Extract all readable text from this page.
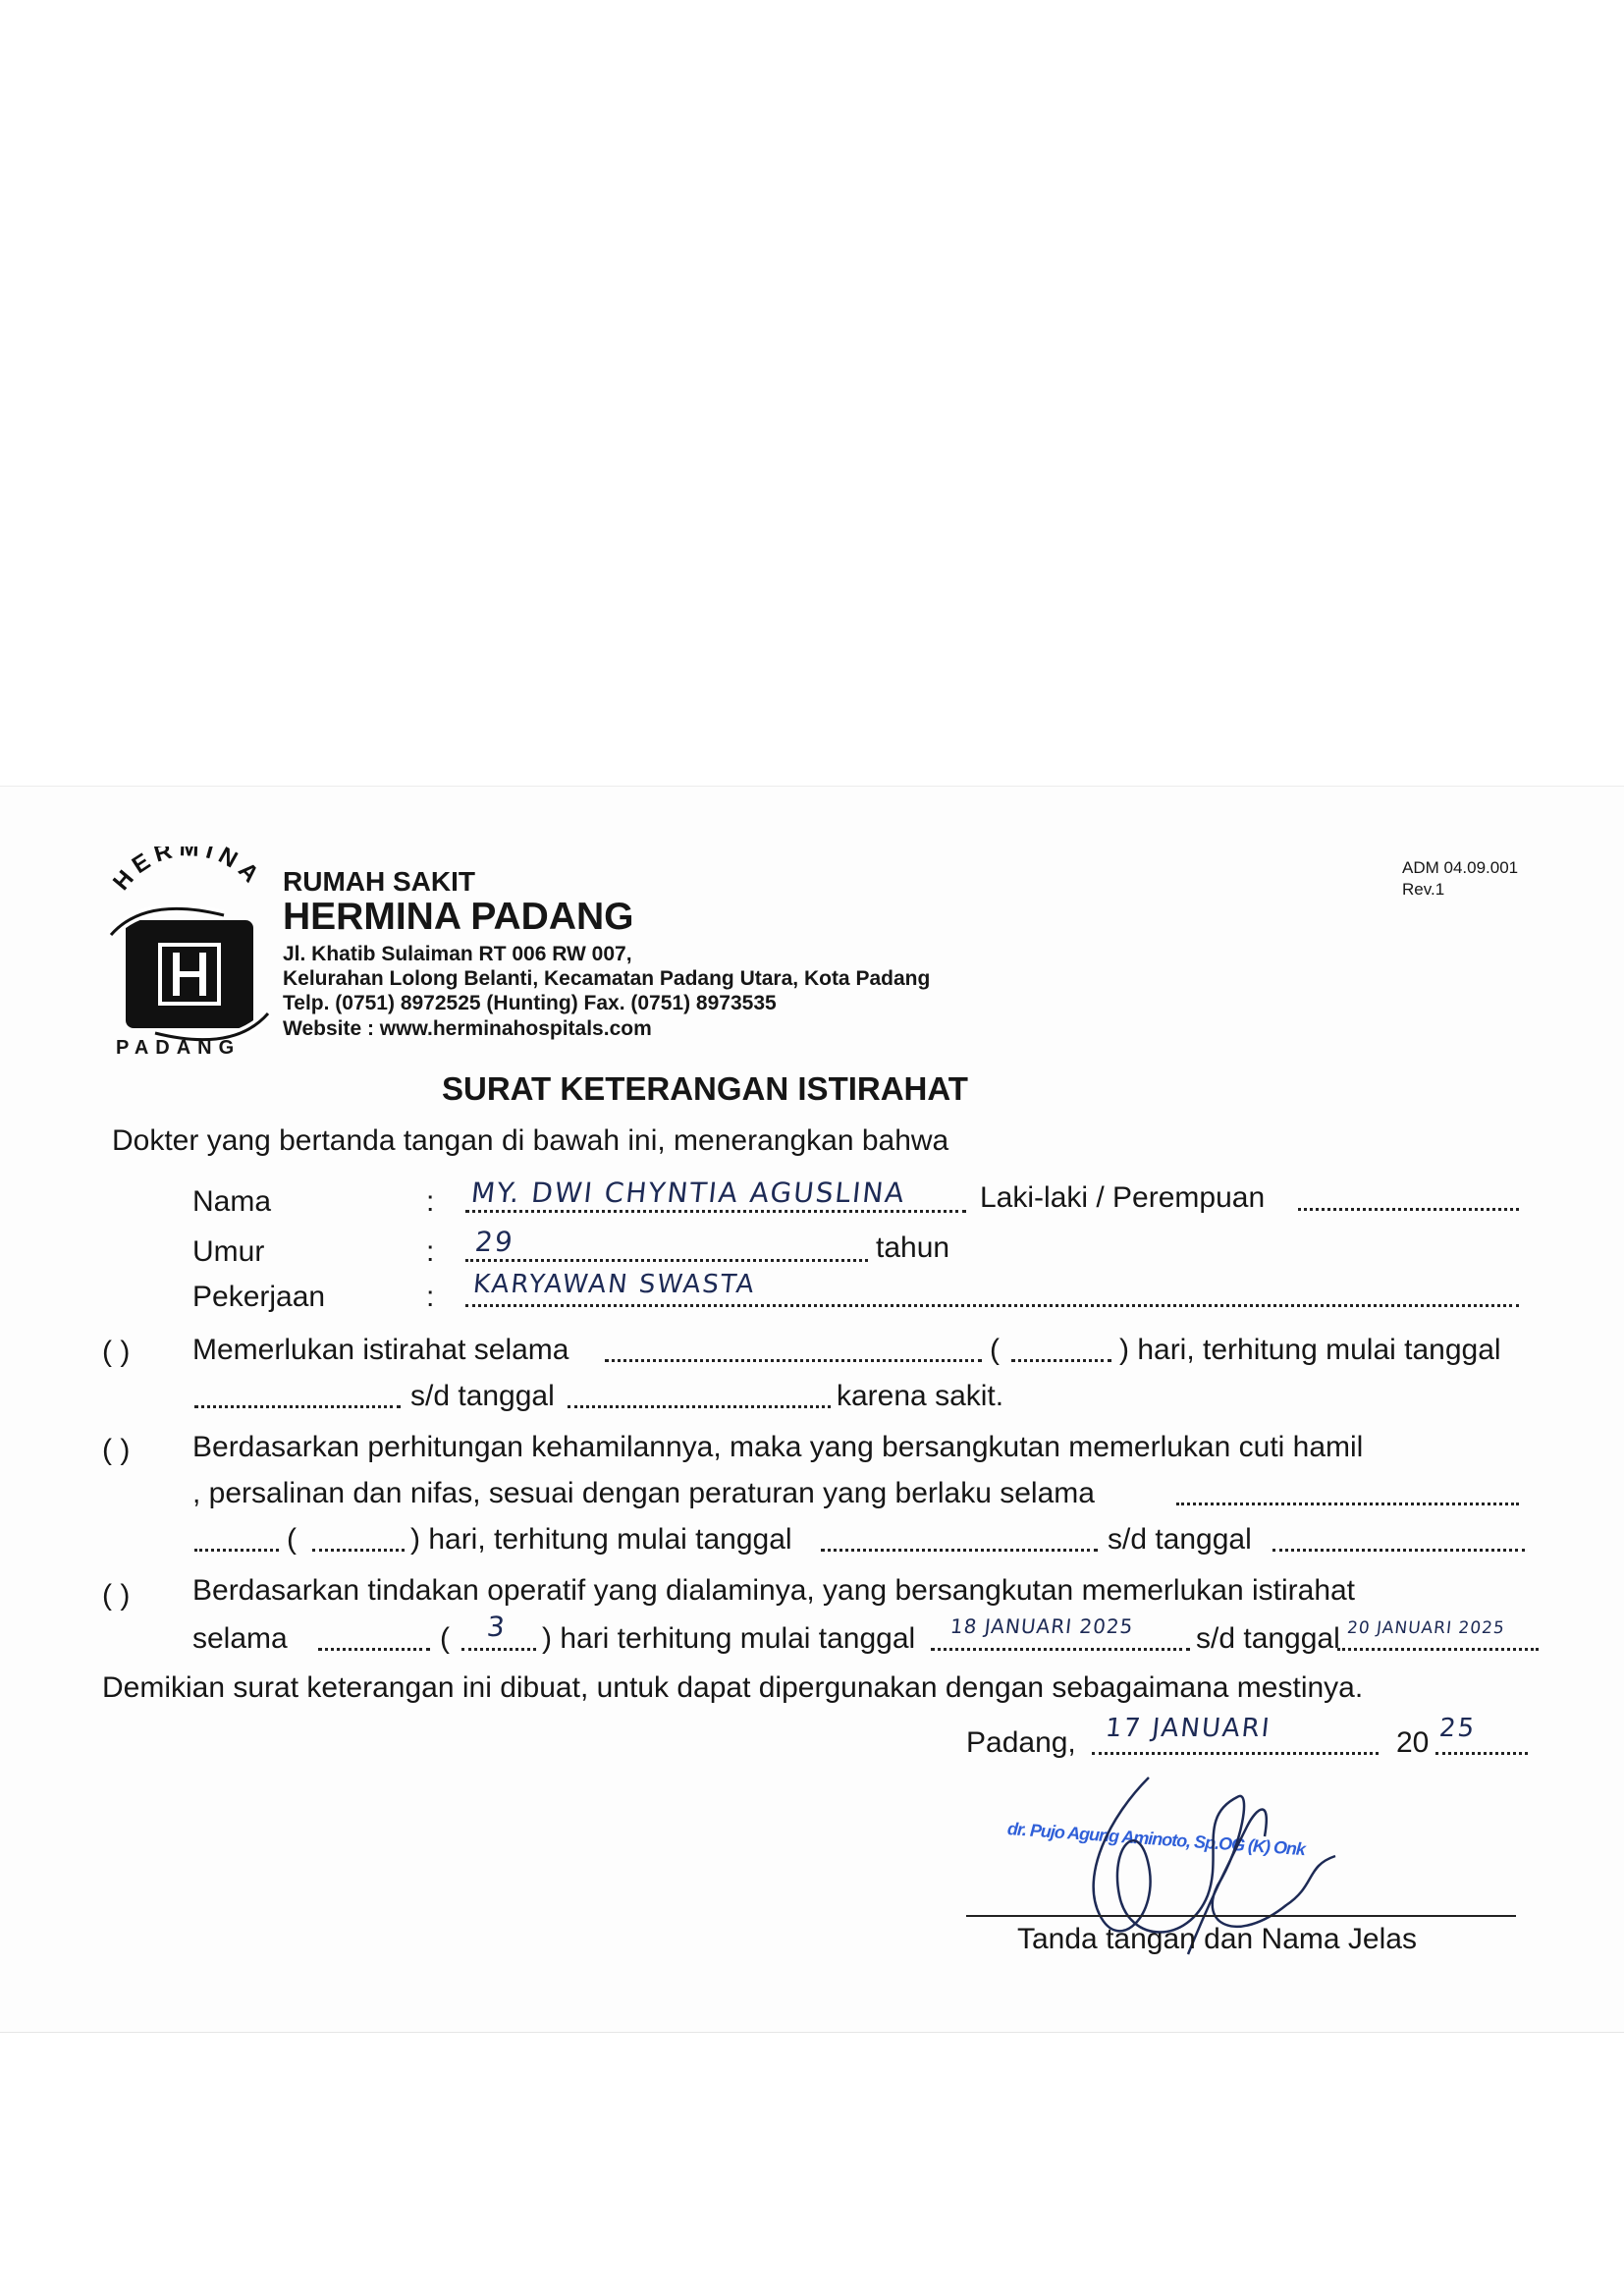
HERMINA
PADANG
RUMAH SAKIT
HERMINA PADANG
Jl. Khatib Sulaiman RT 006 RW 007,
Kelurahan Lolong Belanti, Kecamatan Padang Utara, Kota Padang
Telp. (0751) 8972525 (Hunting) Fax. (0751) 8973535
Website : www.herminahospitals.com
ADM 04.09.001
Rev.1
SURAT KETERANGAN ISTIRAHAT
Dokter yang bertanda tangan di bawah ini, menerangkan bahwa
Nama	: MY. DWI CHYNTIA AGUSLINA Laki-laki / Perempuan
Umur	: 29	tahun
Pekerjaan	: KARYAWAN SWASTA
( ) Memerlukan istirahat selama	(	) hari, terhitung mulai tanggal
s/d tanggal	karena sakit.
( ) Berdasarkan perhitungan kehamilannya, maka yang bersangkutan memerlukan cuti hamil
, persalinan dan nifas, sesuai dengan peraturan yang berlaku selama
(	) hari, terhitung mulai tanggal	s/d tanggal
( ) Berdasarkan tindakan operatif yang dialaminya, yang bersangkutan memerlukan istirahat
selama	( 3 ) hari terhitung mulai tanggal 18 JANUARI 2025 s/d tanggal 20 JANUARI 2025
Demikian surat keterangan ini dibuat, untuk dapat dipergunakan dengan sebagaimana mestinya.
Padang, 17 JANUARI	20 25
dr. Pujo Agung Aminoto, Sp.OG (K) Onk
Tanda tangan dan Nama Jelas
